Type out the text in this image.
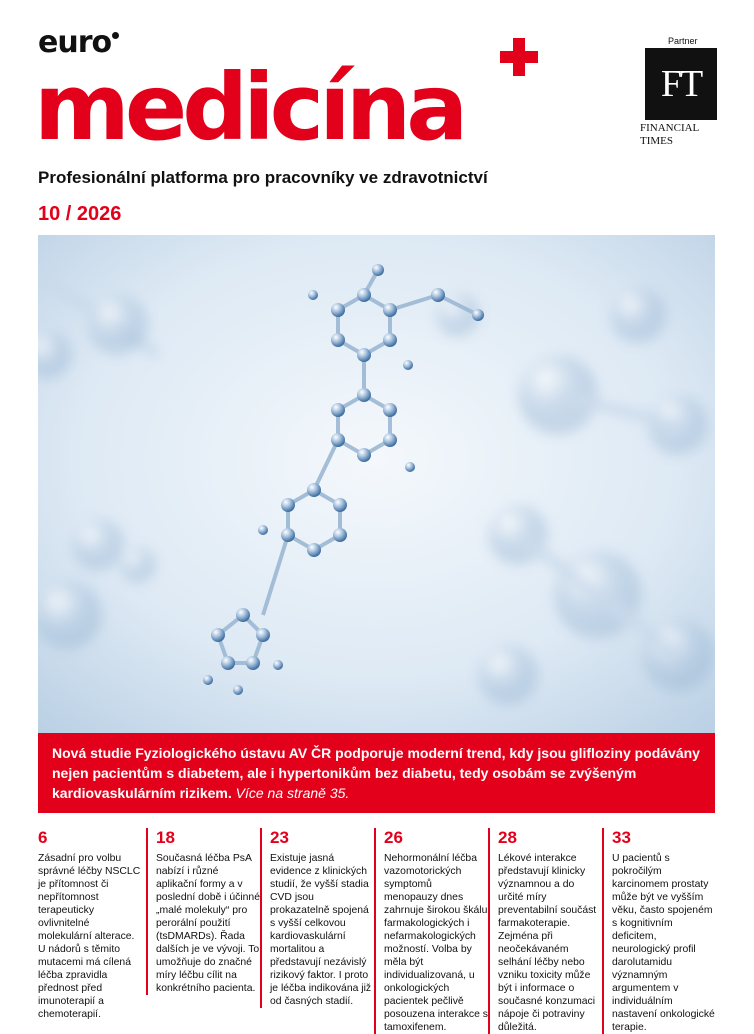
euro
medicína
Partner
FT
FINANCIAL
TIMES
Profesionální platforma pro pracovníky ve zdravotnictví
10 / 2026
Nová studie Fyziologického ústavu AV ČR podporuje moderní trend, kdy jsou glifloziny podávány nejen pacientům s diabetem, ale i hypertonikům bez diabetu, tedy osobám se zvýšeným kardiovaskulárním rizikem. Více na straně 35.
6
Zásadní pro volbu správné léčby NSCLC je přítomnost či nepřítomnost terapeuticky ovlivnitelné molekulární alterace. U nádorů s těmito mutacemi má cílená léčba zpravidla přednost před imunoterapií a chemoterapií.
18
Současná léčba PsA nabízí i různé aplikační formy a v poslední době i účinné „malé molekuly“ pro perorální použití (tsDMARDs). Řada dalších je ve vývoji. To umožňuje do značné míry léčbu cílit na konkrétního pacienta.
23
Existuje jasná evidence z klinických studií, že vyšší stadia CVD jsou prokazatelně spojená s vyšší celkovou kardiovaskulární mortalitou a představují nezávislý rizikový faktor. I proto je léčba indikována již od časných stadií.
26
Nehormonální léčba vazomotorických symptomů menopauzy dnes zahrnuje širokou škálu farmakologických i nefarmakologických možností. Volba by měla být individualizovaná, u onkologických pacientek pečlivě posouzena interakce s tamoxifenem.
28
Lékové interakce představují klinicky významnou a do určité míry preventabilní součást farmakoterapie. Zejména při neočekávaném selhání léčby nebo vzniku toxicity může být i informace o současné konzumaci nápoje či potraviny důležitá.
33
U pacientů s pokročilým karcinomem prostaty může být ve vyšším věku, často spojeném s kognitivním deficitem, neurologický profil darolutamidu významným argumentem v individuálním nastavení onkologické terapie.
